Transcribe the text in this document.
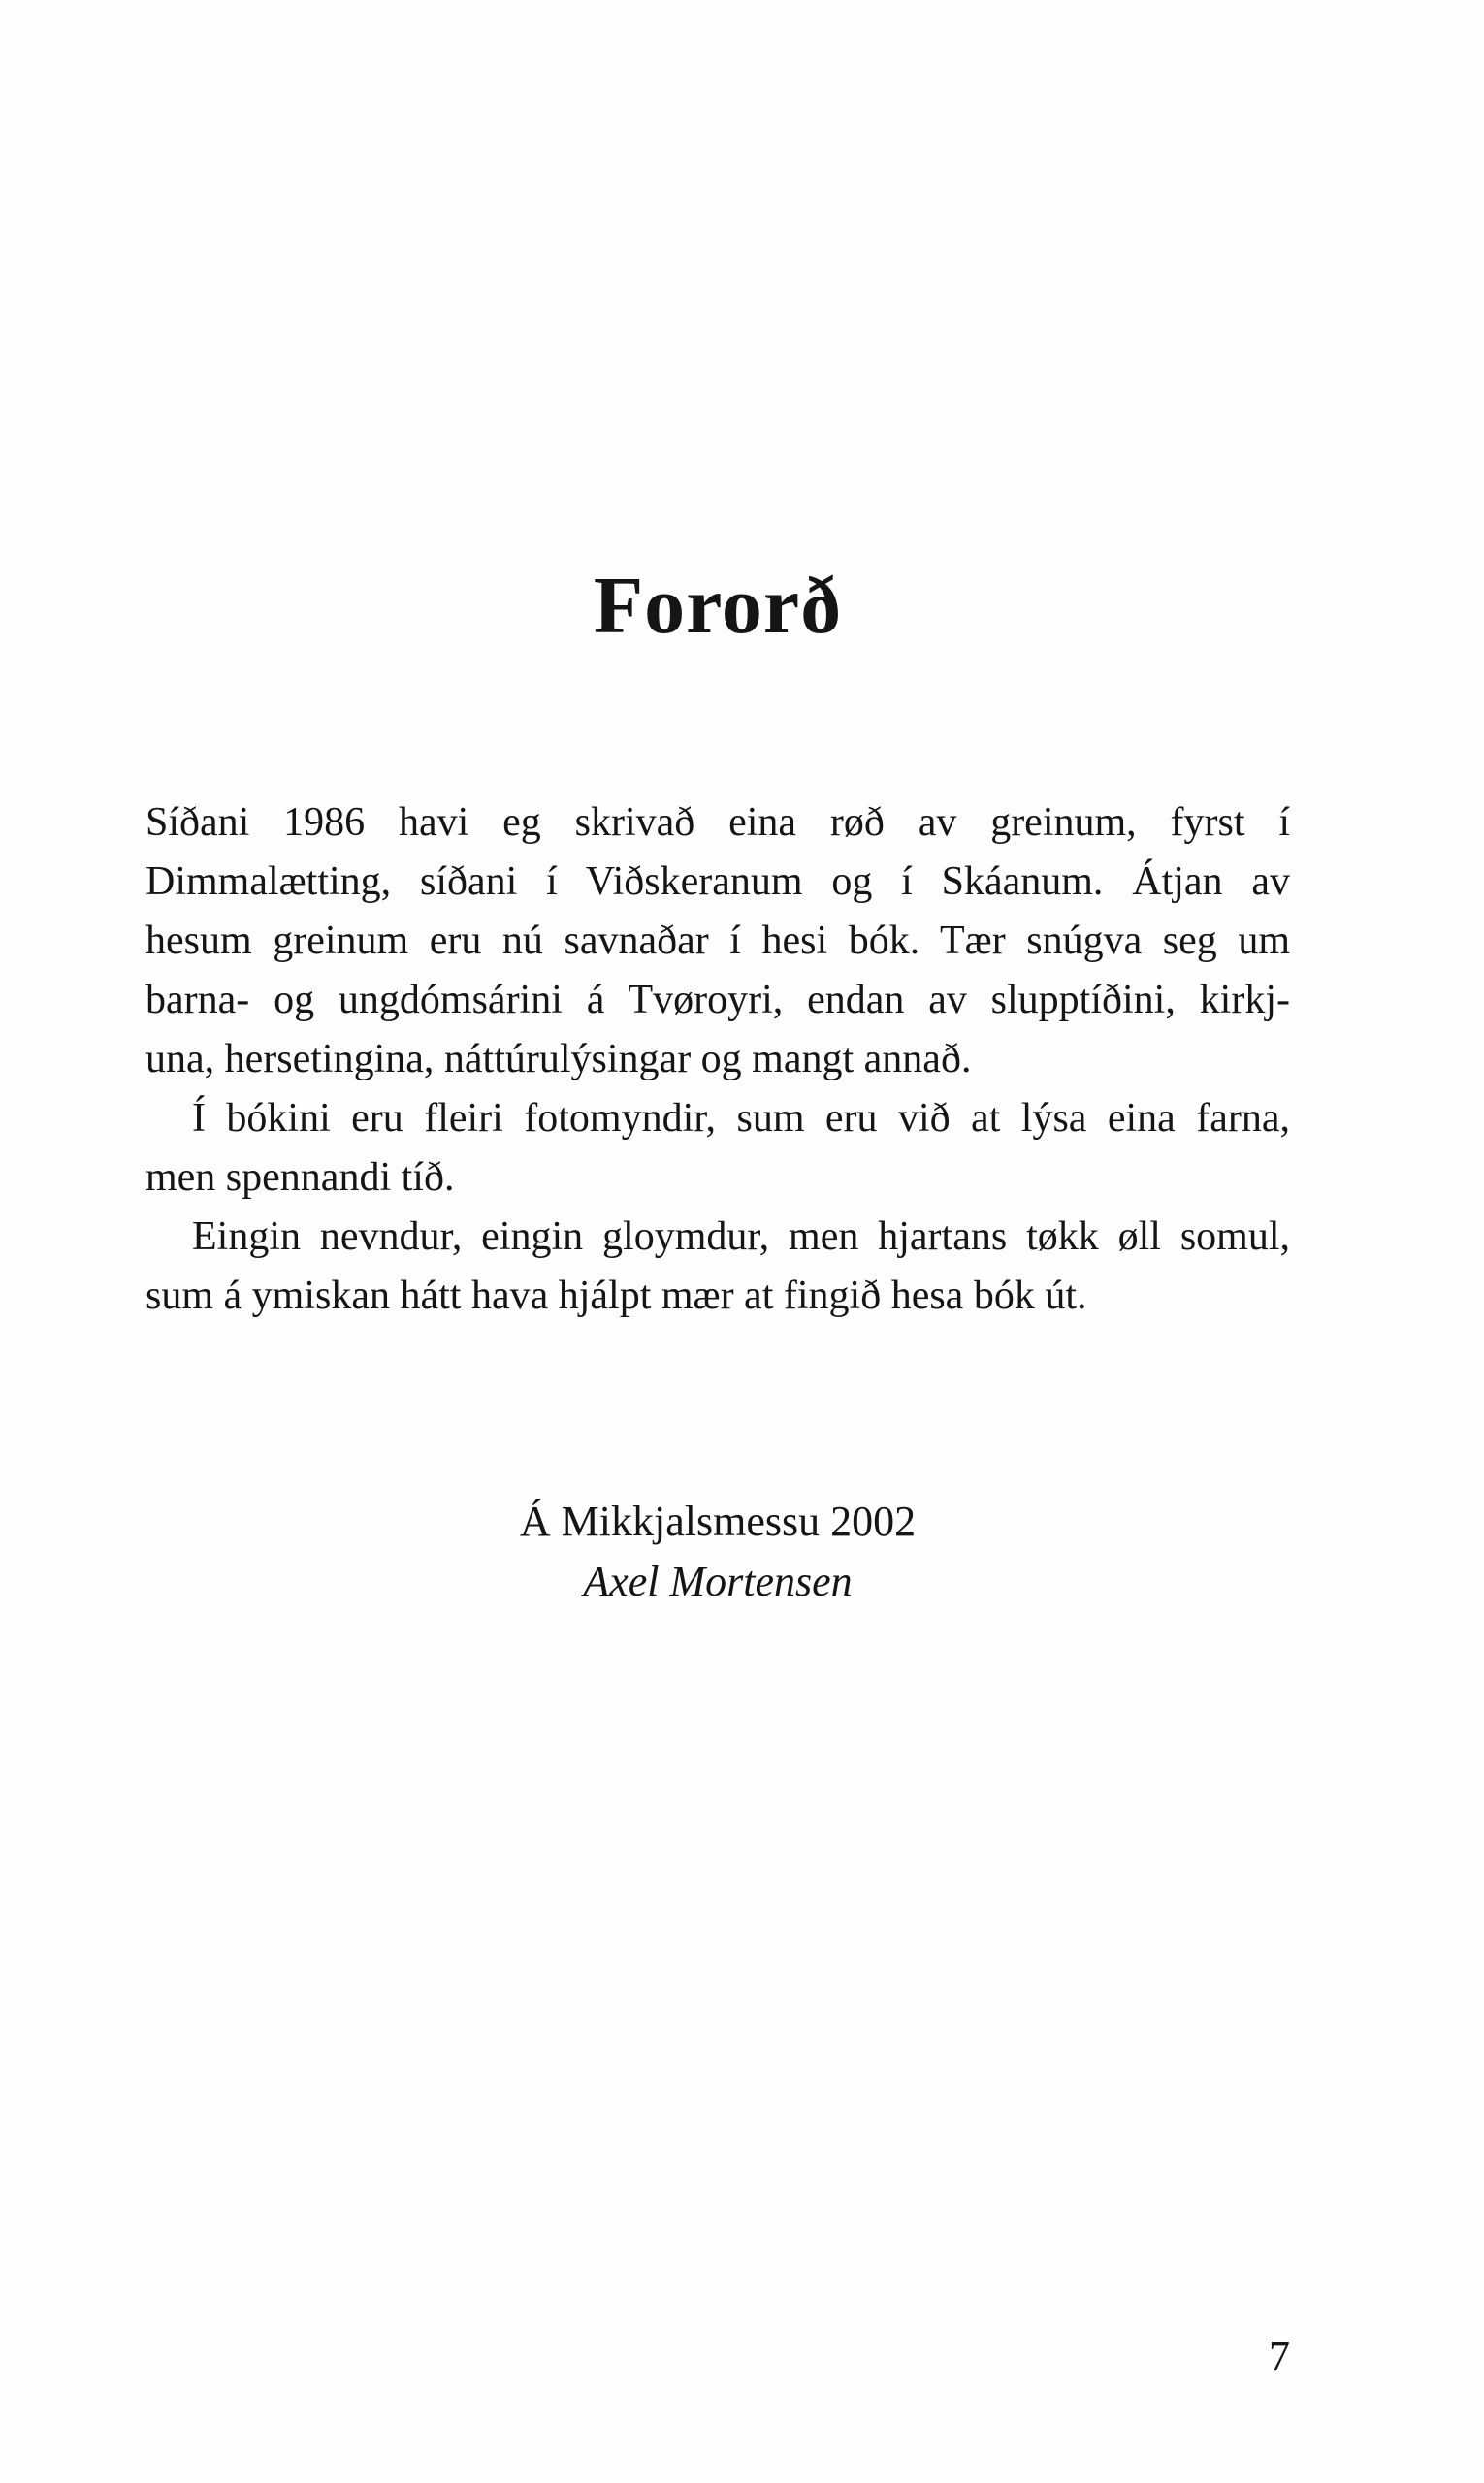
Fororð
Síðani 1986 havi eg skrivað eina røð av greinum, fyrst í
Dimmalætting, síðani í Viðskeranum og í Skáanum. Átjan av
hesum greinum eru nú savnaðar í hesi bók. Tær snúgva seg um
barna- og ungdómsárini á Tvøroyri, endan av slupptíðini, kirkj-
una, hersetingina, náttúrulýsingar og mangt annað.
Í bókini eru fleiri fotomyndir, sum eru við at lýsa eina farna,
men spennandi tíð.
Eingin nevndur, eingin gloymdur, men hjartans tøkk øll somul,
sum á ymiskan hátt hava hjálpt mær at fingið hesa bók út.
Á Mikkjalsmessu 2002
Axel Mortensen
7
